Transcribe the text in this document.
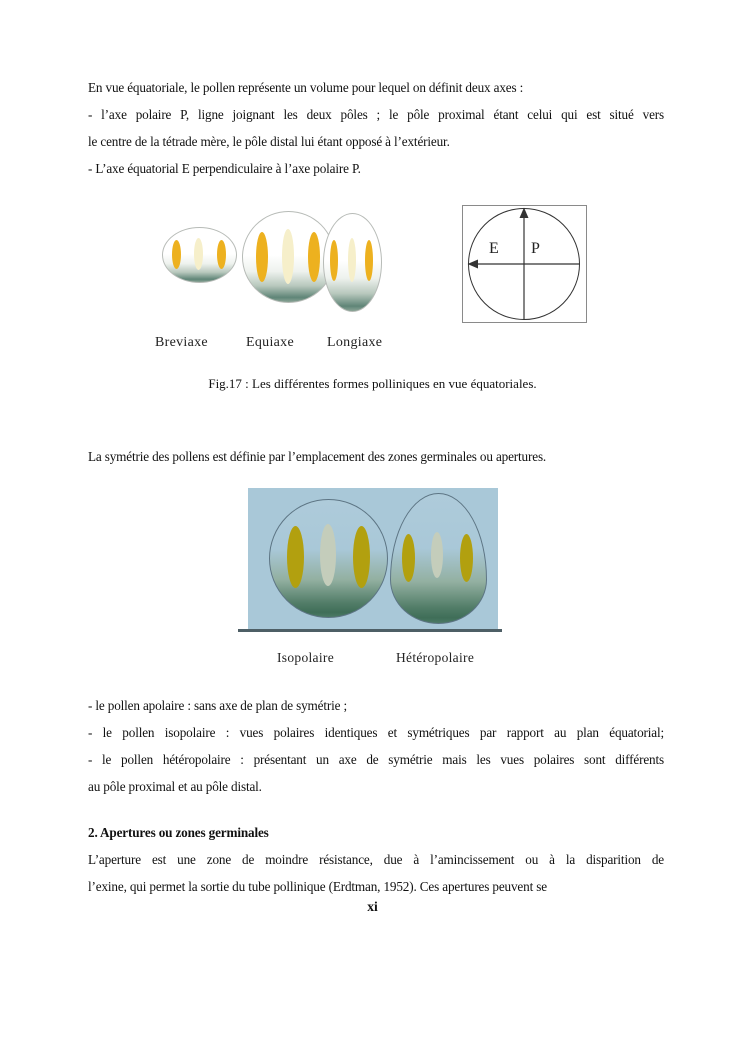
En vue équatoriale, le pollen représente un volume pour lequel on définit deux axes :
- l’axe polaire P, ligne joignant les deux pôles ; le pôle proximal étant celui qui est situé vers
le centre de la tétrade mère, le pôle distal lui étant opposé à l’extérieur.
- L’axe équatorial E perpendiculaire à l’axe polaire P.
Breviaxe	Equiaxe Longiaxe
E P
Fig.17 : Les différentes formes polliniques en vue équatoriales.
La symétrie des pollens est définie par l’emplacement des zones germinales ou apertures.
Isopolaire	Hétéropolaire
- le pollen apolaire : sans axe de plan de symétrie ;
- le pollen isopolaire : vues polaires identiques et symétriques par rapport au plan équatorial;
- le pollen hétéropolaire : présentant un axe de symétrie mais les vues polaires sont différents
au pôle proximal et au pôle distal.
2. Apertures ou zones germinales
L’aperture est une zone de moindre résistance, due à l’amincissement ou à la disparition de
l’exine, qui permet la sortie du tube pollinique (Erdtman, 1952). Ces apertures peuvent se
xi
